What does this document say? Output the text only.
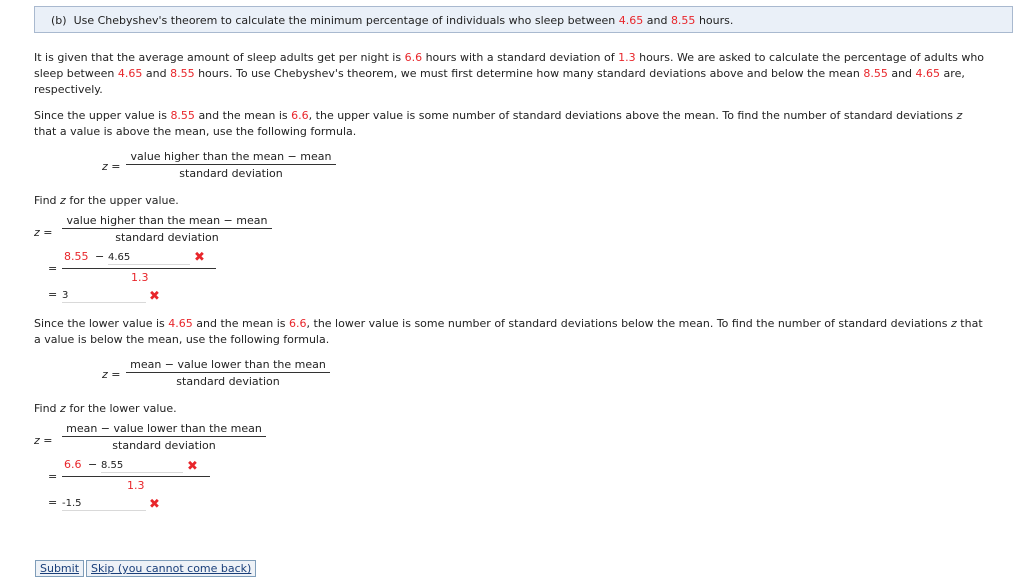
(b) Use Chebyshev's theorem to calculate the minimum percentage of individuals who sleep between 4.65 and 8.55 hours.
It is given that the average amount of sleep adults get per night is 6.6 hours with a standard deviation of 1.3 hours. We are asked to calculate the percentage of adults who
sleep between 4.65 and 8.55 hours. To use Chebyshev's theorem, we must first determine how many standard deviations above and below the mean 8.55 and 4.65 are,
respectively.
Since the upper value is 8.55 and the mean is 6.6, the upper value is some number of standard deviations above the mean. To find the number of standard deviations z
that a value is above the mean, use the following formula.
z =
value higher than the mean − mean
standard deviation
Find z for the upper value.
z =
value higher than the mean − mean
standard deviation
=
8.55 − 4.65	✖
1.3
= 3	✖
Since the lower value is 4.65 and the mean is 6.6, the lower value is some number of standard deviations below the mean. To find the number of standard deviations z that
a value is below the mean, use the following formula.
z =
mean − value lower than the mean
standard deviation
Find z for the lower value.
z =
mean − value lower than the mean
standard deviation
=
6.6 − 8.55	✖
1.3
= -1.5	✖
Submit	Skip (you cannot come back)
